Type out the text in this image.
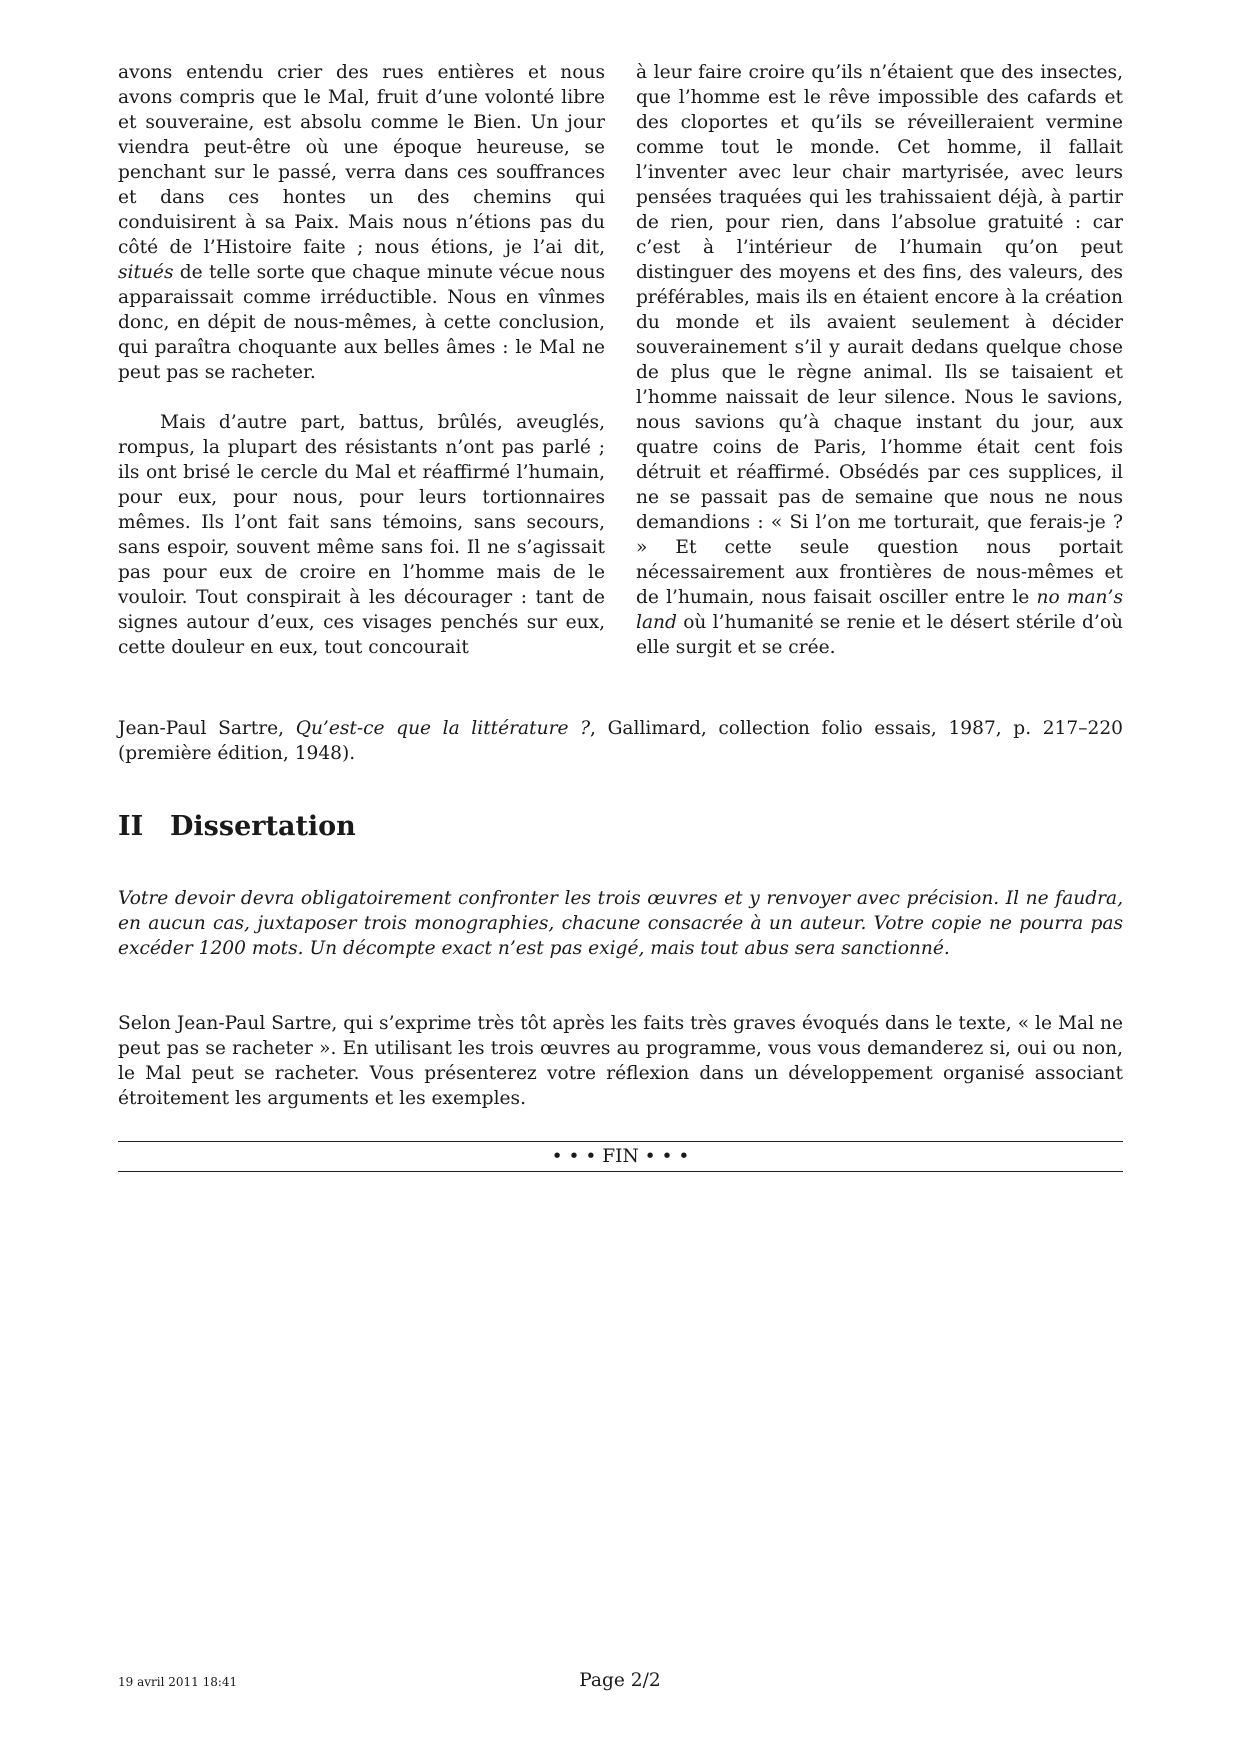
avons entendu crier des rues entières et nous avons compris que le Mal, fruit d’une volonté libre et souveraine, est absolu comme le Bien. Un jour viendra peut-être où une époque heureuse, se penchant sur le passé, verra dans ces souffrances et dans ces hontes un des chemins qui conduisirent à sa Paix. Mais nous n’étions pas du côté de l’Histoire faite ; nous étions, je l’ai dit, situés de telle sorte que chaque minute vécue nous apparaissait comme irréductible. Nous en vînmes donc, en dépit de nous-mêmes, à cette conclusion, qui paraîtra choquante aux belles âmes : le Mal ne peut pas se racheter.

Mais d’autre part, battus, brûlés, aveuglés, rompus, la plupart des résistants n’ont pas parlé ; ils ont brisé le cercle du Mal et réaffirmé l’humain, pour eux, pour nous, pour leurs tortionnaires mêmes. Ils l’ont fait sans témoins, sans secours, sans espoir, souvent même sans foi. Il ne s’agissait pas pour eux de croire en l’homme mais de le vouloir. Tout conspirait à les décourager : tant de signes autour d’eux, ces visages penchés sur eux, cette douleur en eux, tout concourait

à leur faire croire qu’ils n’étaient que des insectes, que l’homme est le rêve impossible des cafards et des cloportes et qu’ils se réveilleraient vermine comme tout le monde. Cet homme, il fallait l’inventer avec leur chair martyrisée, avec leurs pensées traquées qui les trahissaient déjà, à partir de rien, pour rien, dans l’absolue gratuité : car c’est à l’intérieur de l’humain qu’on peut distinguer des moyens et des fins, des valeurs, des préférables, mais ils en étaient encore à la création du monde et ils avaient seulement à décider souverainement s’il y aurait dedans quelque chose de plus que le règne animal. Ils se taisaient et l’homme naissait de leur silence. Nous le savions, nous savions qu’à chaque instant du jour, aux quatre coins de Paris, l’homme était cent fois détruit et réaffirmé. Obsédés par ces supplices, il ne se passait pas de semaine que nous ne nous demandions : « Si l’on me torturait, que ferais-je ? » Et cette seule question nous portait nécessairement aux frontières de nous-mêmes et de l’humain, nous faisait osciller entre le no man’s land où l’humanité se renie et le désert stérile d’où elle surgit et se crée.

Jean-Paul Sartre, Qu’est-ce que la littérature ?, Gallimard, collection folio essais, 1987, p. 217–220 (première édition, 1948).
II Dissertation
Votre devoir devra obligatoirement confronter les trois œuvres et y renvoyer avec précision. Il ne faudra, en aucun cas, juxtaposer trois monographies, chacune consacrée à un auteur. Votre copie ne pourra pas excéder 1200 mots. Un décompte exact n’est pas exigé, mais tout abus sera sanctionné.
Selon Jean-Paul Sartre, qui s’exprime très tôt après les faits très graves évoqués dans le texte, « le Mal ne peut pas se racheter ». En utilisant les trois œuvres au programme, vous vous demanderez si, oui ou non, le Mal peut se racheter. Vous présenterez votre réflexion dans un développement organisé associant étroitement les arguments et les exemples.
• • • FIN • • •
19 avril 2011 18:41	Page 2/2
